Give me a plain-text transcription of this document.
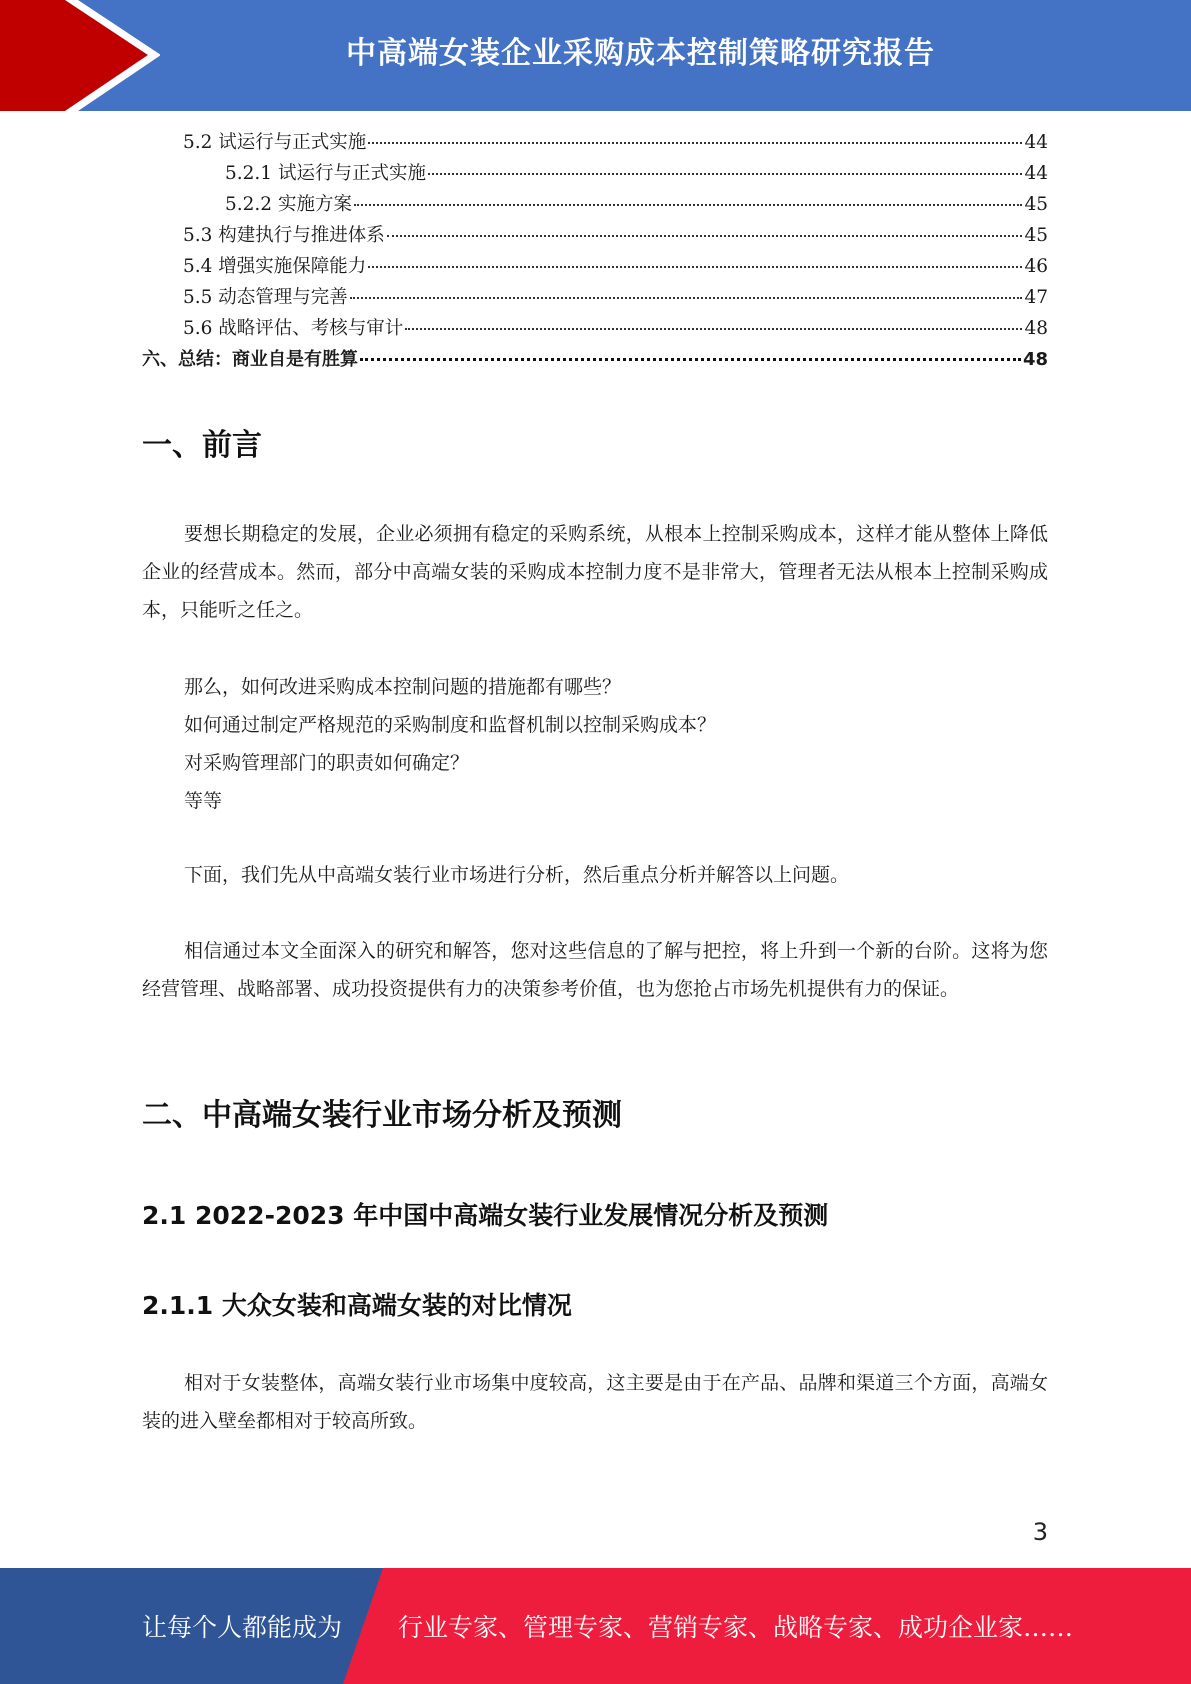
中高端女装企业采购成本控制策略研究报告
5.2 试运行与正式实施	44
5.2.1 试运行与正式实施	44
5.2.2 实施方案	45
5.3 构建执行与推进体系	45
5.4 增强实施保障能力	46
5.5 动态管理与完善	47
5.6 战略评估、考核与审计	48
六、总结：商业自是有胜算	48
一、前言
要想长期稳定的发展，企业必须拥有稳定的采购系统，从根本上控制采购成本，这样才能从整体上降低企业的经营成本。然而，部分中高端女装的采购成本控制力度不是非常大，管理者无法从根本上控制采购成本，只能听之任之。
那么，如何改进采购成本控制问题的措施都有哪些？
如何通过制定严格规范的采购制度和监督机制以控制采购成本？
对采购管理部门的职责如何确定？
等等
下面，我们先从中高端女装行业市场进行分析，然后重点分析并解答以上问题。
相信通过本文全面深入的研究和解答，您对这些信息的了解与把控，将上升到一个新的台阶。这将为您经营管理、战略部署、成功投资提供有力的决策参考价值，也为您抢占市场先机提供有力的保证。
二、中高端女装行业市场分析及预测
2.1 2022-2023 年中国中高端女装行业发展情况分析及预测
2.1.1 大众女装和高端女装的对比情况
相对于女装整体，高端女装行业市场集中度较高，这主要是由于在产品、品牌和渠道三个方面，高端女装的进入壁垒都相对于较高所致。
3
让每个人都能成为 行业专家、管理专家、营销专家、战略专家、成功企业家……
